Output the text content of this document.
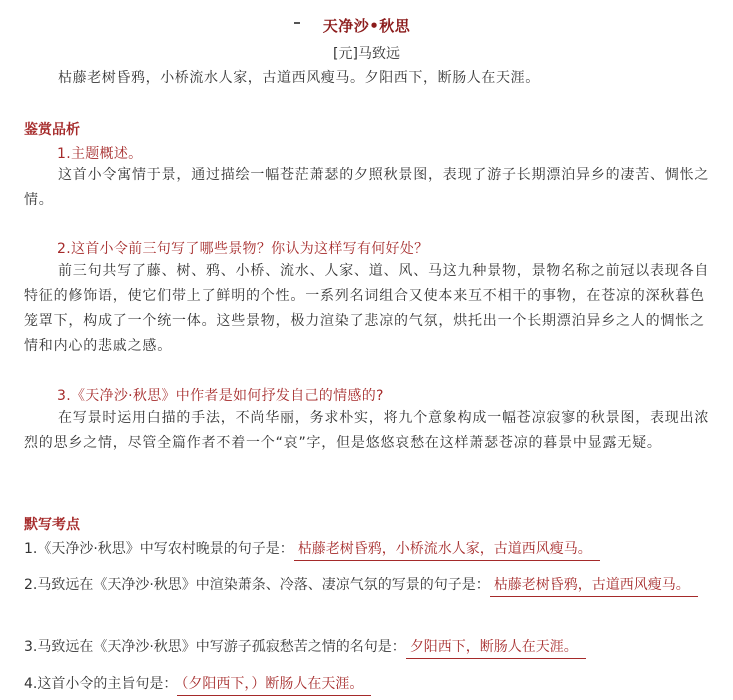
天净沙•秋思
[元]马致远
枯藤老树昏鸦，小桥流水人家，古道西风瘦马。夕阳西下，断肠人在天涯。
鉴赏品析
1.主题概述。

这首小令寓情于景，通过描绘一幅苍茫萧瑟的夕照秋景图，表现了游子长期漂泊异乡的凄苦、惆怅之情。

2.这首小令前三句写了哪些景物？你认为这样写有何好处？

前三句共写了藤、树、鸦、小桥、流水、人家、道、风、马这九种景物，景物名称之前冠以表现各自特征的修饰语，使它们带上了鲜明的个性。一系列名词组合又使本来互不相干的事物，在苍凉的深秋暮色笼罩下，构成了一个统一体。这些景物，极力渲染了悲凉的气氛，烘托出一个长期漂泊异乡之人的惆怅之情和内心的悲戚之感。

3.《天净沙·秋思》中作者是如何抒发自己的情感的?

在写景时运用白描的手法，不尚华丽，务求朴实，将九个意象构成一幅苍凉寂寥的秋景图，表现出浓烈的思乡之情，尽管全篇作者不着一个“哀”字，但是悠悠哀愁在这样萧瑟苍凉的暮景中显露无疑。

默写考点

1.《天净沙·秋思》中写农村晚景的句子是： 枯藤老树昏鸦，小桥流水人家，古道西风瘦马。

2.马致远在《天净沙·秋思》中渲染萧条、冷落、凄凉气氛的写景的句子是： 枯藤老树昏鸦，古道西风瘦马。

3.马致远在《天净沙·秋思》中写游子孤寂愁苦之情的名句是： 夕阳西下，断肠人在天涯。

4.这首小令的主旨句是： （夕阳西下，）断肠人在天涯。
